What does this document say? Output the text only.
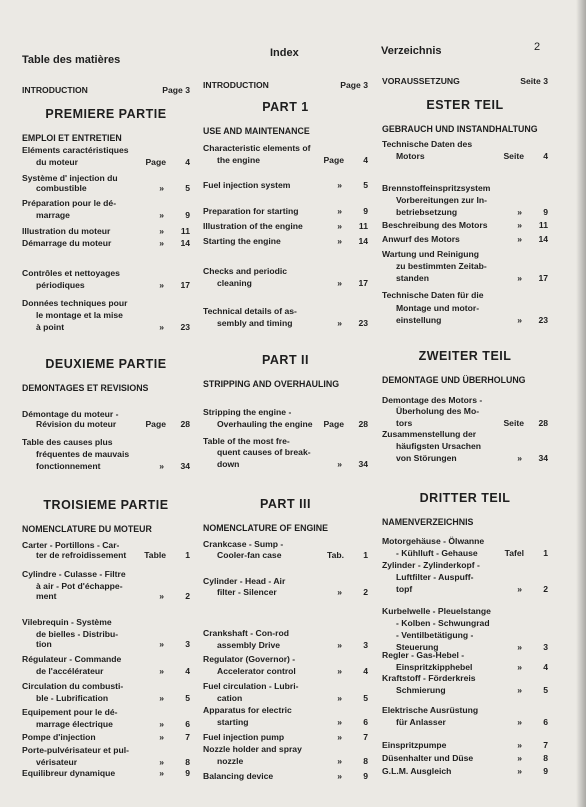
Table des matières
Index	Verzeichnis	2
INTRODUCTION	Page 3
PREMIERE PARTIE
EMPLOI ET ENTRETIEN
Eléments caractéristiques
du moteur	Page	4
Système d' injection du
combustible	»	5
Préparation pour le dé-
marrage	»	9
Illustration du moteur	»	11
Démarrage du moteur	»	14
Contrôles et nettoyages
périodiques	»	17
Données techniques pour
le montage et la mise
à point	»	23
DEUXIEME PARTIE
DEMONTAGES ET REVISIONS
Démontage du moteur -
Révision du moteur	Page	28
Table des causes plus
fréquentes de mauvais
fonctionnement	»	34
TROISIEME PARTIE
NOMENCLATURE DU MOTEUR
Carter - Portillons - Car-
ter de refroidissement	Table	1
Cylindre - Culasse - Filtre
à air - Pot d'échappe-
ment	»	2
Vilebrequin - Système
de bielles - Distribu-
tion	»	3
Régulateur - Commande
de l'accélérateur	»	4
Circulation du combusti-
ble - Lubrification	»	5
Equipement pour le dé-
marrage électrique	»	6
Pompe d'injection	»	7
Porte-pulvérisateur et pul-
vérisateur	»	8
Equilibreur dynamique	»	9
INTRODUCTION	Page 3
PART 1
USE AND MAINTENANCE
Characteristic elements of
the engine	Page	4
Fuel injection system	»	5
Preparation for starting	»	9
Illustration of the engine	»	11
Starting the engine	»	14
Checks and periodic
cleaning	»	17
Technical details of as-
sembly and timing	»	23
PART II
STRIPPING AND OVERHAULING
Stripping the engine -
Overhauling the engine	Page	28
Table of the most fre-
quent causes of break-
down	»	34
PART III
NOMENCLATURE OF ENGINE
Crankcase - Sump -
Cooler-fan case	Tab.	1
Cylinder - Head - Air
filter - Silencer	»	2
Crankshaft - Con-rod
assembly Drive	»	3
Regulator (Governor) -
Accelerator control	»	4
Fuel circulation - Lubri-
cation	»	5
Apparatus for electric
starting	»	6
Fuel injection pump	»	7
Nozzle holder and spray
nozzle	»	8
Balancing device	»	9
VORAUSSETZUNG	Seite 3
ESTER TEIL
GEBRAUCH UND INSTANDHALTUNG
Technische Daten des
Motors	Seite	4
Brennstoffeinspritzsystem
Vorbereitungen zur In-
betriebsetzung	»	9
Beschreibung des Motors	»	11
Anwurf des Motors	»	14
Wartung und Reinigung
zu bestimmten Zeitab-
standen	»	17
Technische Daten für die
Montage und motor-
einstellung	»	23
ZWEITER TEIL
DEMONTAGE UND ÜBERHOLUNG
Demontage des Motors -
Überholung des Mo-
tors	Seite	28
Zusammenstellung der
häufigsten Ursachen
von Störungen	»	34
DRITTER TEIL
NAMENVERZEICHNIS
Motorgehäuse - Ölwanne
- Kühlluft - Gehause	Tafel	1
Zylinder - Zylinderkopf -
Luftfilter - Auspuff-
topf	»	2
Kurbelwelle - Pleuelstange
- Kolben - Schwungrad
- Ventilbetätigung -
Steuerung	»	3
Regler - Gas-Hebel -
Einspritzkipphebel	»	4
Kraftstoff - Förderkreis
Schmierung	»	5
Elektrische Ausrüstung
für Anlasser	»	6
Einspritzpumpe	»	7
Düsenhalter und Düse	»	8
G.L.M. Ausgleich	»	9
